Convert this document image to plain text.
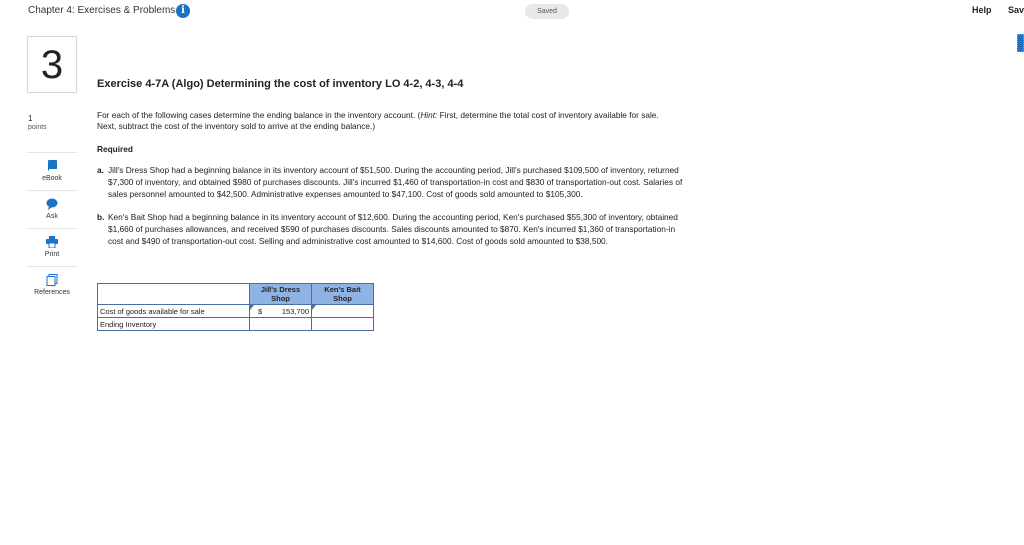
Chapter 4: Exercises & Problems i	Saved	Help Sav
3
1
points
eBook
Ask
Print
References
Exercise 4-7A (Algo) Determining the cost of inventory LO 4-2, 4-3, 4-4
For each of the following cases determine the ending balance in the inventory account. (Hint: First, determine the total cost of inventory available for sale. Next, subtract the cost of the inventory sold to arrive at the ending balance.)
Required
a. Jill's Dress Shop had a beginning balance in its inventory account of $51,500. During the accounting period, Jill's purchased $109,500 of inventory, returned $7,300 of inventory, and obtained $980 of purchases discounts. Jill's incurred $1,460 of transportation-in cost and $830 of transportation-out cost. Salaries of sales personnel amounted to $42,500. Administrative expenses amounted to $47,100. Cost of goods sold amounted to $105,300.
b. Ken's Bait Shop had a beginning balance in its inventory account of $12,600. During the accounting period, Ken's purchased $55,300 of inventory, obtained $1,660 of purchases allowances, and received $590 of purchases discounts. Sales discounts amounted to $870. Ken's incurred $1,360 of transportation-in cost and $490 of transportation-out cost. Selling and administrative cost amounted to $14,600. Cost of goods sold amounted to $38,500.
	Jill's Dress Shop	Ken's Bait Shop
Cost of goods available for sale	$ 153,700	

Ending Inventory		
